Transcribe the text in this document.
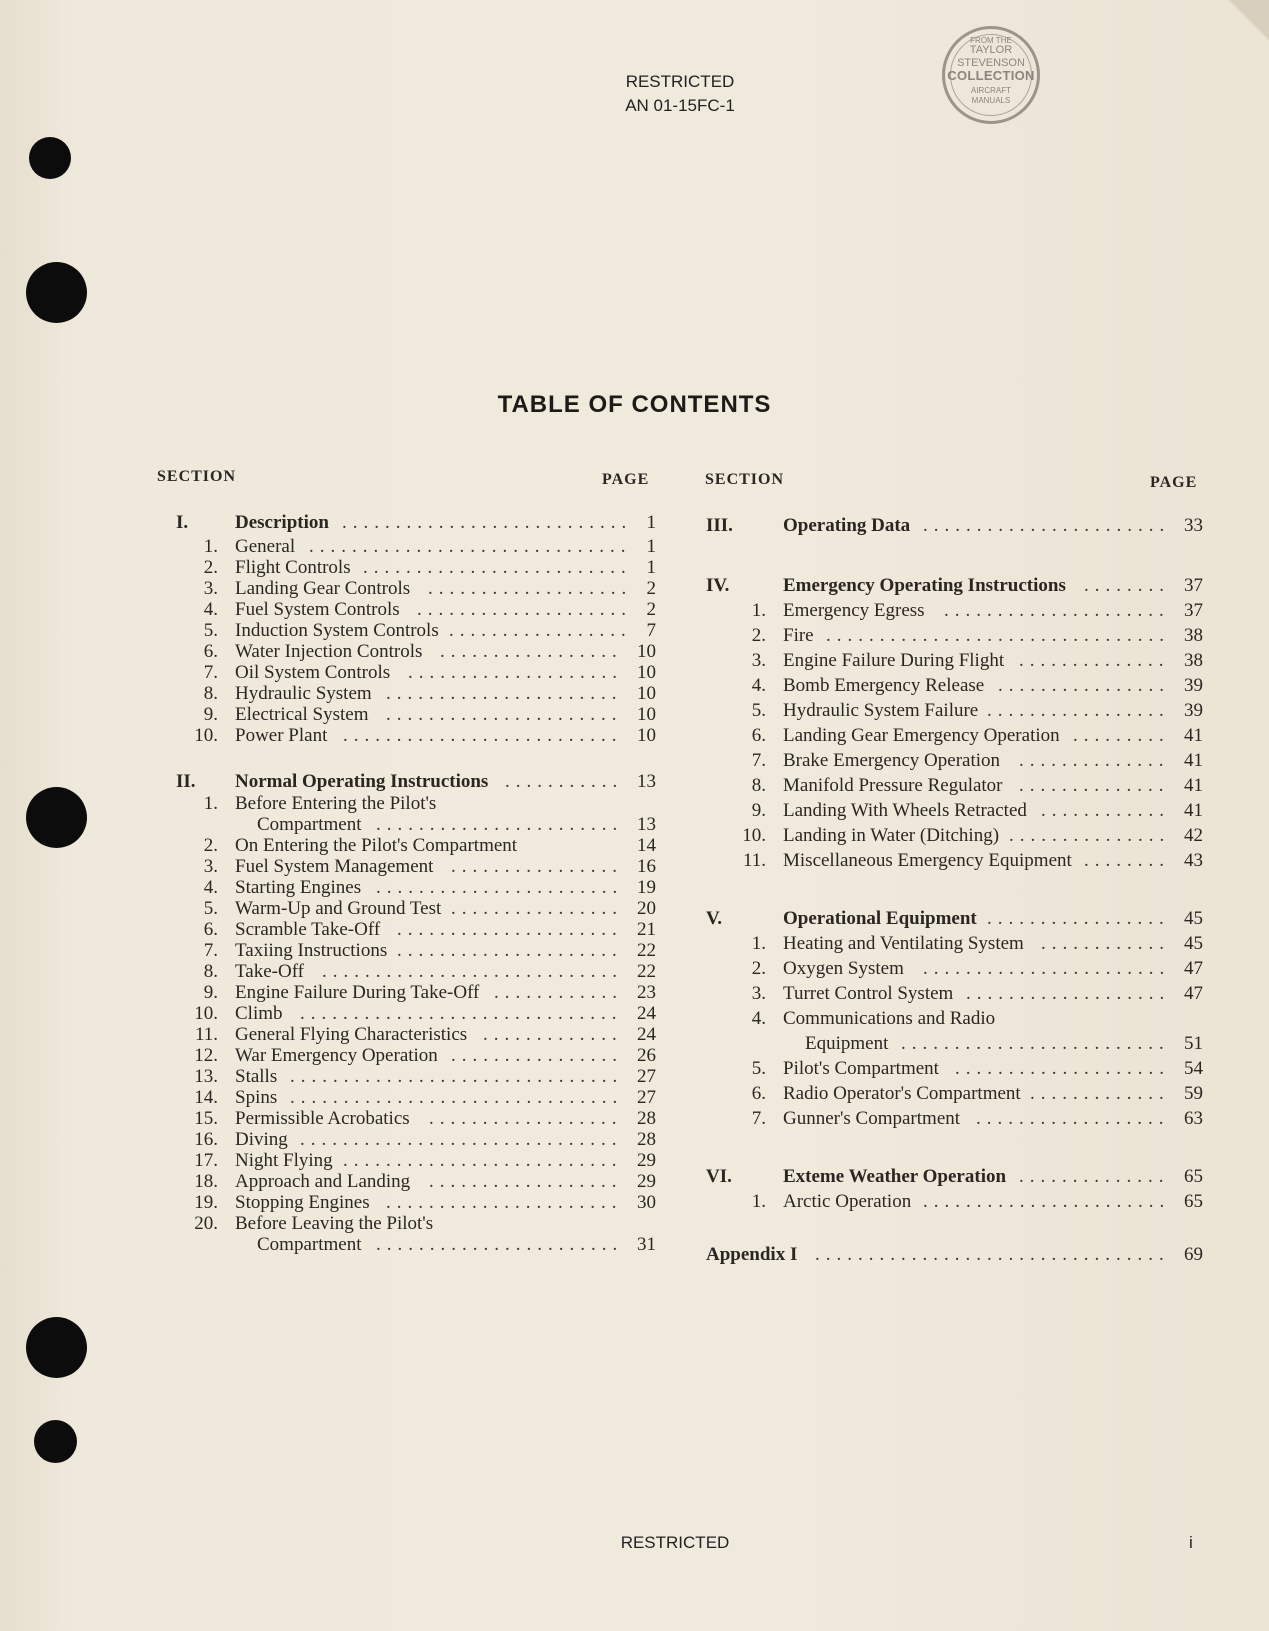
RESTRICTED
AN 01-15FC-1
FROM THE
TAYLOR
STEVENSON
COLLECTION
AIRCRAFT
MANUALS
TABLE OF CONTENTS
SECTION	PAGE	SECTION	PAGE
I. Description	1
...........................
1. General	1
..............................
2. Flight Controls	1
.........................
3. Landing Gear Controls	2
...................
4. Fuel System Controls	2
....................
5. Induction System Controls	7
.................
6. Water Injection Controls	10
.................
7. Oil System Controls	10
....................
8. Hydraulic System	10
......................
9. Electrical System	10
......................
10. Power Plant	10
..........................
II. Normal Operating Instructions	13
...........
1. Before Entering the Pilot's
Compartment	13
.......................
2. On Entering the Pilot's Compartment	14
3. Fuel System Management	16
................
4. Starting Engines	19
.......................
5. Warm-Up and Ground Test	20
................
6. Scramble Take-Off	21
.....................
7. Taxiing Instructions	22
.....................
8. Take-Off	22
............................
9. Engine Failure During Take-Off	23
............
10. Climb	24
..............................
11. General Flying Characteristics	24
.............
12. War Emergency Operation	26
................
13. Stalls	27
...............................
14. Spins	27
...............................
15. Permissible Acrobatics	28
..................
16. Diving	28
..............................
17. Night Flying	29
..........................
18. Approach and Landing	29
..................
19. Stopping Engines	30
......................
20. Before Leaving the Pilot's
Compartment	31
.......................
III.	Operating Data	33
.......................
IV.	Emergency Operating Instructions	37
........
1. Emergency Egress	37
.....................
2. Fire	38
................................
3. Engine Failure During Flight	38
..............
4. Bomb Emergency Release	39
................
5. Hydraulic System Failure	39
.................
6. Landing Gear Emergency Operation	41
.........
7. Brake Emergency Operation	41
..............
8. Manifold Pressure Regulator	41
..............
9. Landing With Wheels Retracted	41
............
10. Landing in Water (Ditching)	42
...............
11. Miscellaneous Emergency Equipment	43
........
V.	Operational Equipment	45
.................
1. Heating and Ventilating System	45
............
2. Oxygen System	47
.......................
3. Turret Control System	47
...................
4. Communications and Radio
Equipment	51
.........................
5. Pilot's Compartment	54
....................
6. Radio Operator's Compartment	59
.............
7. Gunner's Compartment	63
..................
VI.	Exteme Weather Operation	65
..............
1. Arctic Operation	65
.......................
Appendix I	69
.................................
RESTRICTED	i
